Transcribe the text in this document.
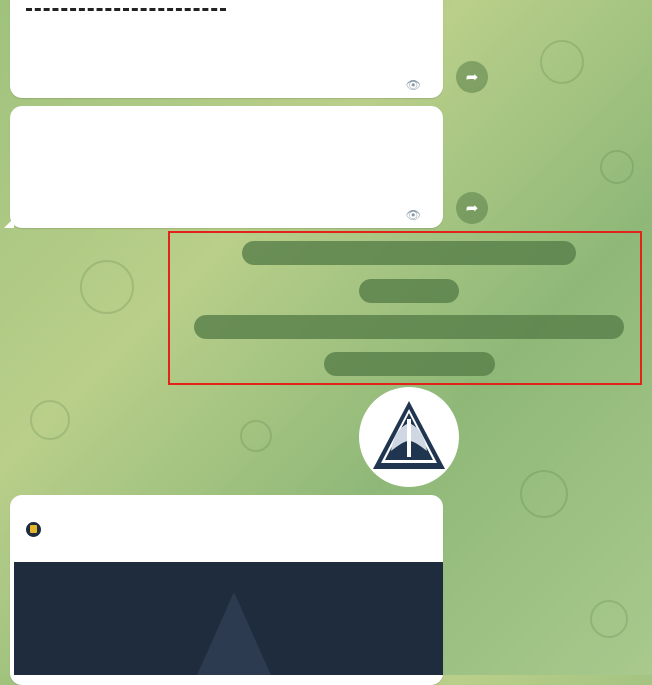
👁	➦
👁	➦
